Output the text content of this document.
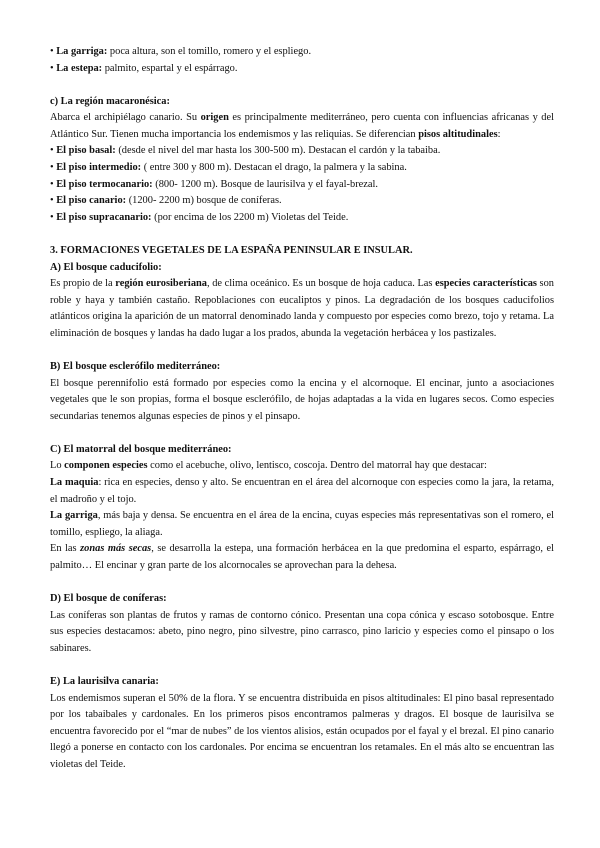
• La garriga: poca altura, son el tomillo, romero y el espliego.

• La estepa: palmito, espartal y el espárrago.

c) La región macaronésica:

Abarca el archipiélago canario. Su origen es principalmente mediterráneo, pero cuenta con influencias africanas y del Atlántico Sur. Tienen mucha importancia los endemismos y las reliquias. Se diferencian pisos altitudinales:

• El piso basal: (desde el nivel del mar hasta los 300-500 m). Destacan el cardón y la tabaiba.

• El piso intermedio: ( entre 300 y 800 m). Destacan el drago, la palmera y la sabina.

• El piso termocanario: (800- 1200 m). Bosque de laurisilva y el fayal-brezal.

• El piso canario: (1200- 2200 m) bosque de coníferas.

• El piso supracanario: (por encima de los 2200 m) Violetas del Teide.

3. FORMACIONES VEGETALES DE LA ESPAÑA PENINSULAR E INSULAR.

A) El bosque caducifolio:

Es propio de la región eurosiberiana, de clima oceánico. Es un bosque de hoja caduca. Las especies características son roble y haya y también castaño. Repoblaciones con eucaliptos y pinos. La degradación de los bosques caducifolios atlánticos origina la aparición de un matorral denominado landa y compuesto por especies como brezo, tojo y retama. La eliminación de bosques y landas ha dado lugar a los prados, abunda la vegetación herbácea y los pastizales.

B) El bosque esclerófilo mediterráneo:

El bosque perennifolio está formado por especies como la encina y el alcornoque. El encinar, junto a asociaciones vegetales que le son propias, forma el bosque esclerófilo, de hojas adaptadas a la vida en lugares secos. Como especies secundarias tenemos algunas especies de pinos y el pinsapo.

C) El matorral del bosque mediterráneo:

Lo componen especies como el acebuche, olivo, lentisco, coscoja. Dentro del matorral hay que destacar:

La maquia: rica en especies, denso y alto. Se encuentran en el área del alcornoque con especies como la jara, la retama, el madroño y el tojo.

La garriga, más baja y densa. Se encuentra en el área de la encina, cuyas especies más representativas son el romero, el tomillo, espliego, la aliaga.

En las zonas más secas, se desarrolla la estepa, una formación herbácea en la que predomina el esparto, espárrago, el palmito… El encinar y gran parte de los alcornocales se aprovechan para la dehesa.

D) El bosque de coníferas:

Las coníferas son plantas de frutos y ramas de contorno cónico. Presentan una copa cónica y escaso sotobosque. Entre sus especies destacamos: abeto, pino negro, pino silvestre, pino carrasco, pino laricio y especies como el pinsapo o los sabinares.

E) La laurisilva canaria:

Los endemismos superan el 50% de la flora. Y se encuentra distribuida en pisos altitudinales: El pino basal representado por los tabaibales y cardonales. En los primeros pisos encontramos palmeras y dragos. El bosque de laurisilva se encuentra favorecido por el “mar de nubes” de los vientos alisios, están ocupados por el fayal y el brezal. El pino canario llegó a ponerse en contacto con los cardonales. Por encima se encuentran los retamales. En el más alto se encuentran las violetas del Teide.
